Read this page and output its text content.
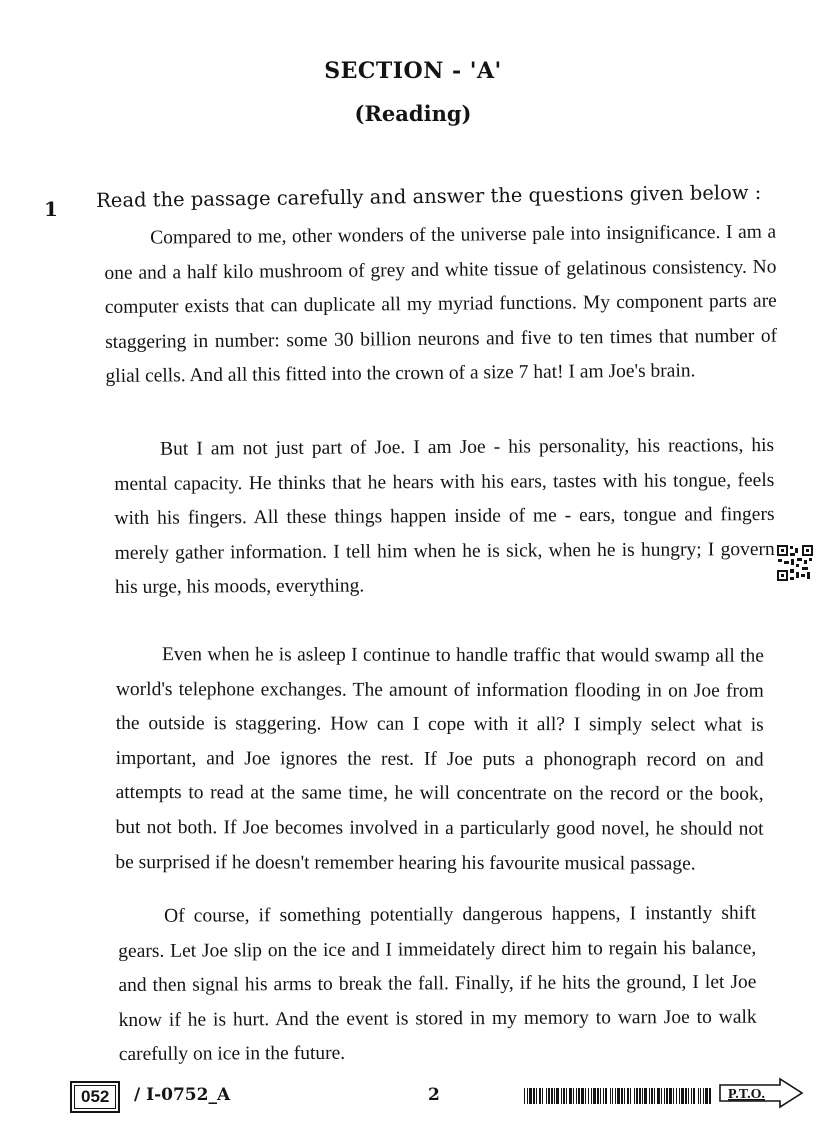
SECTION - 'A'
(Reading)
1 Read the passage carefully and answer the questions given below :

Compared to me, other wonders of the universe pale into insignificance. I am a one and a half kilo mushroom of grey and white tissue of gelatinous consistency. No computer exists that can duplicate all my myriad functions. My component parts are staggering in number: some 30 billion neurons and five to ten times that number of glial cells. And all this fitted into the crown of a size 7 hat! I am Joe's brain.

But I am not just part of Joe. I am Joe - his personality, his reactions, his mental capacity. He thinks that he hears with his ears, tastes with his tongue, feels with his fingers. All these things happen inside of me - ears, tongue and fingers merely gather information. I tell him when he is sick, when he is hungry; I govern his urge, his moods, everything.

Even when he is asleep I continue to handle traffic that would swamp all the world's telephone exchanges. The amount of information flooding in on Joe from the outside is staggering. How can I cope with it all? I simply select what is important, and Joe ignores the rest. If Joe puts a phonograph record on and attempts to read at the same time, he will concentrate on the record or the book, but not both. If Joe becomes involved in a particularly good novel, he should not be surprised if he doesn't remember hearing his favourite musical passage.

Of course, if something potentially dangerous happens, I instantly shift gears. Let Joe slip on the ice and I immeidately direct him to regain his balance, and then signal his arms to break the fall. Finally, if he hits the ground, I let Joe know if he is hurt. And the event is stored in my memory to warn Joe to walk carefully on ice in the future.

052	/ I-0752_A	2	P.T.O.
